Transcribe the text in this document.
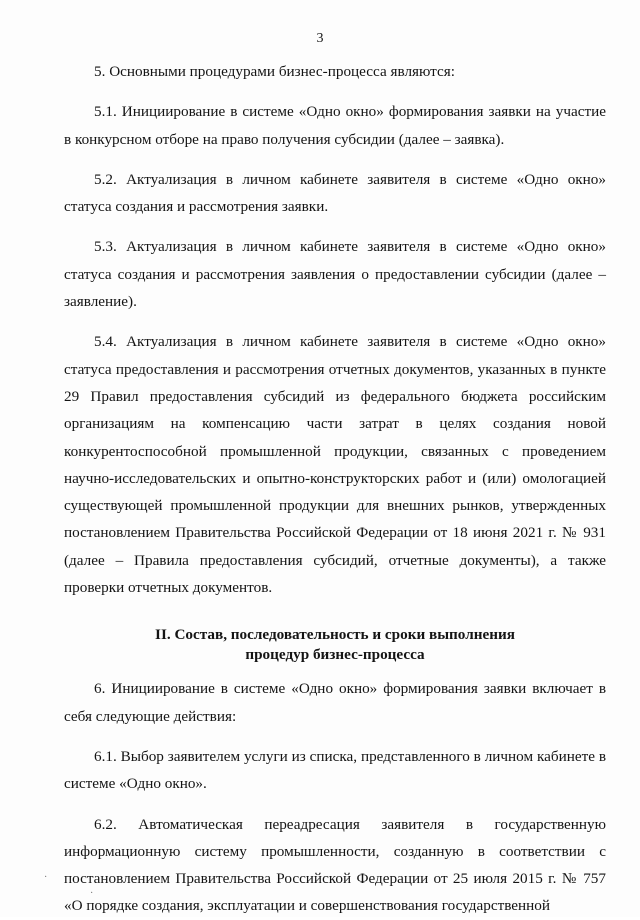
3

5. Основными процедурами бизнес-процесса являются:

5.1. Инициирование в системе «Одно окно» формирования заявки на участие в конкурсном отборе на право получения субсидии (далее – заявка).

5.2. Актуализация в личном кабинете заявителя в системе «Одно окно» статуса создания и рассмотрения заявки.

5.3. Актуализация в личном кабинете заявителя в системе «Одно окно» статуса создания и рассмотрения заявления о предоставлении субсидии (далее – заявление).

5.4. Актуализация в личном кабинете заявителя в системе «Одно окно» статуса предоставления и рассмотрения отчетных документов, указанных в пункте 29 Правил предоставления субсидий из федерального бюджета российским организациям на компенсацию части затрат в целях создания новой конкурентоспособной промышленной продукции, связанных с проведением научно-исследовательских и опытно-конструкторских работ и (или) омологацией существующей промышленной продукции для внешних рынков, утвержденных постановлением Правительства Российской Федерации от 18 июня 2021 г. № 931 (далее – Правила предоставления субсидий, отчетные документы), а также проверки отчетных документов.

II. Состав, последовательность и сроки выполнения

процедур бизнес-процесса

6. Инициирование в системе «Одно окно» формирования заявки включает в себя следующие действия:

6.1. Выбор заявителем услуги из списка, представленного в личном кабинете в системе «Одно окно».

6.2. Автоматическая переадресация заявителя в государственную информационную систему промышленности, созданную в соответствии с постановлением Правительства Российской Федерации от 25 июля 2015 г. № 757 «О порядке создания, эксплуатации и совершенствования государственной

·
·
